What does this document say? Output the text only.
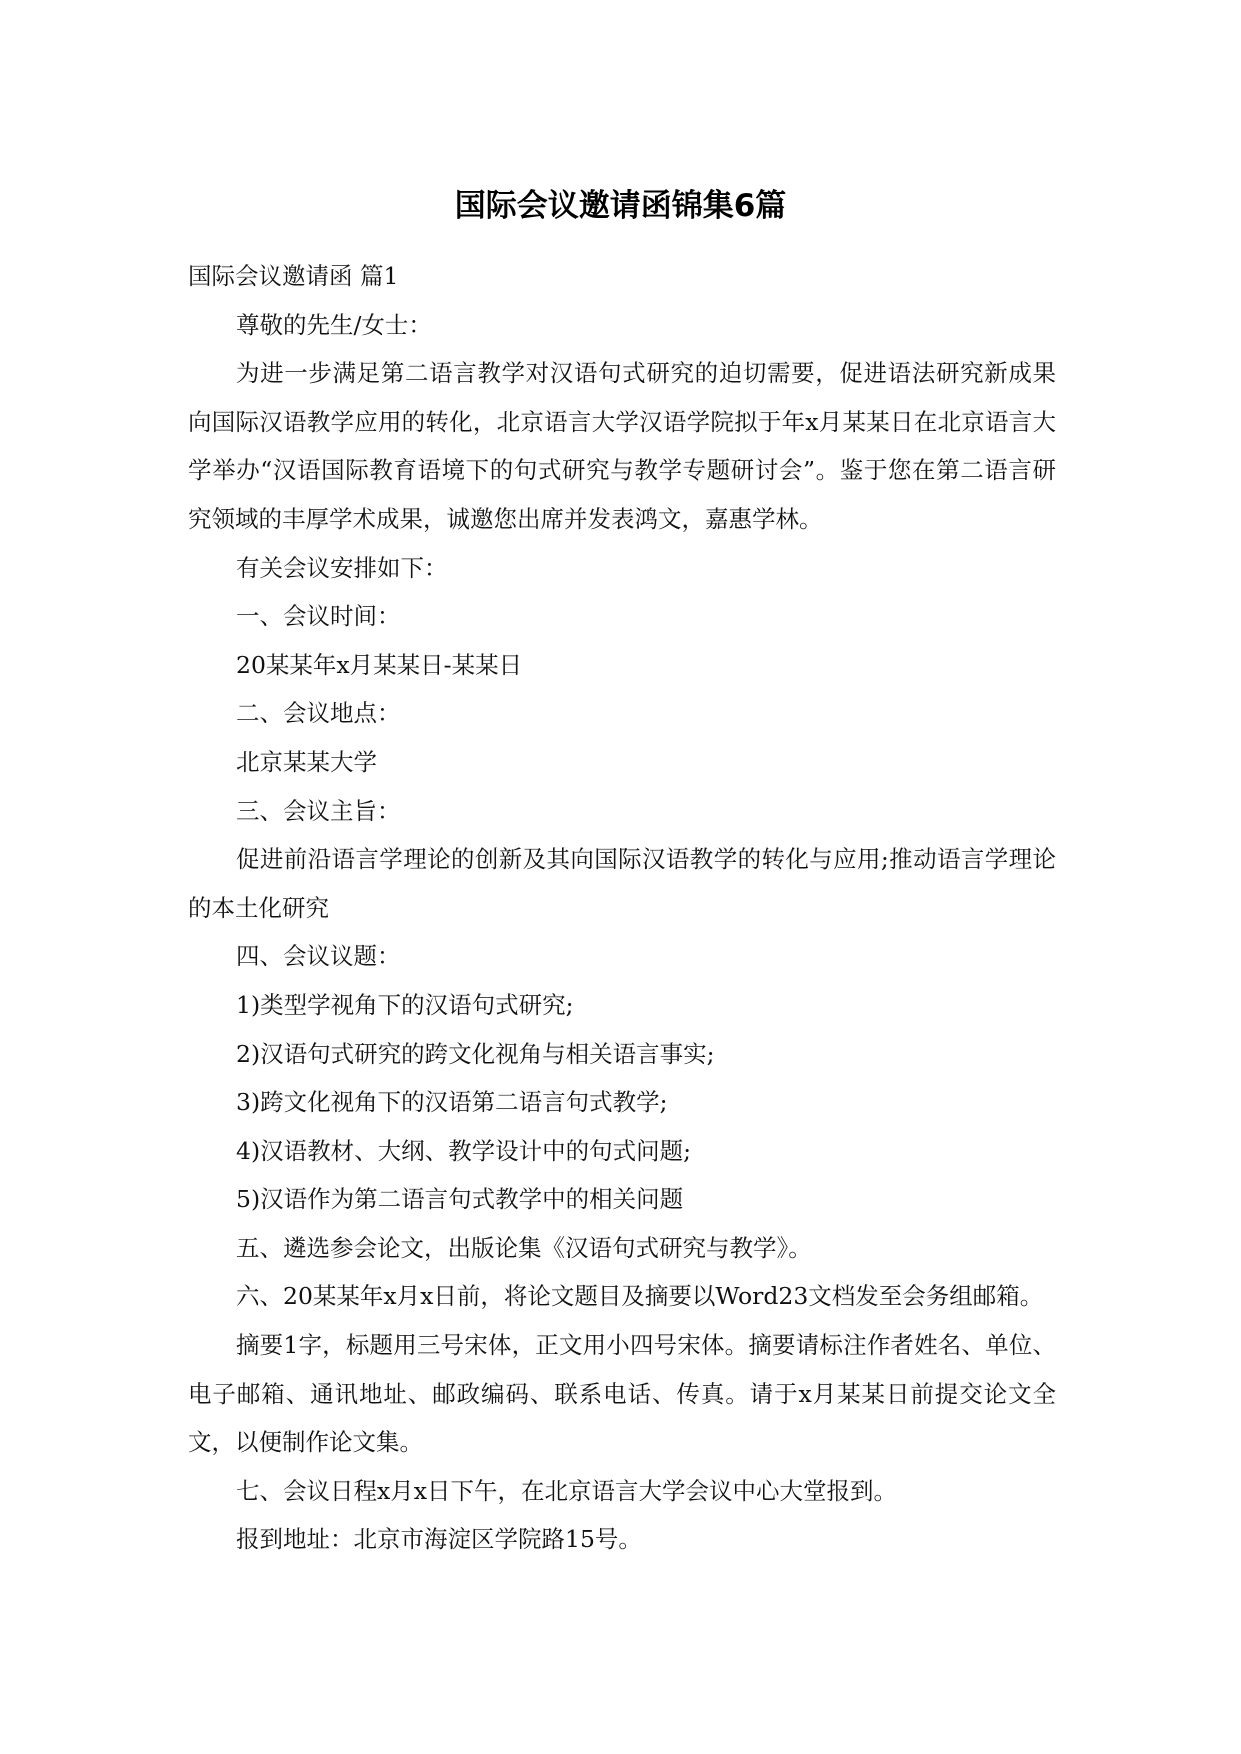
国际会议邀请函锦集6篇

国际会议邀请函 篇1

尊敬的先生/女士：

为进一步满足第二语言教学对汉语句式研究的迫切需要，促进语法研究新成果向国际汉语教学应用的转化，北京语言大学汉语学院拟于年x月某某日在北京语言大学举办“汉语国际教育语境下的句式研究与教学专题研讨会”。鉴于您在第二语言研究领域的丰厚学术成果，诚邀您出席并发表鸿文，嘉惠学林。

有关会议安排如下：

一、会议时间：

20某某年x月某某日-某某日

二、会议地点：

北京某某大学

三、会议主旨：

促进前沿语言学理论的创新及其向国际汉语教学的转化与应用;推动语言学理论的本土化研究

四、会议议题：

1)类型学视角下的汉语句式研究;

2)汉语句式研究的跨文化视角与相关语言事实;

3)跨文化视角下的汉语第二语言句式教学;

4)汉语教材、大纲、教学设计中的句式问题;

5)汉语作为第二语言句式教学中的相关问题

五、遴选参会论文，出版论集《汉语句式研究与教学》。

六、20某某年x月x日前，将论文题目及摘要以Word23文档发至会务组邮箱。

摘要1字，标题用三号宋体，正文用小四号宋体。摘要请标注作者姓名、单位、电子邮箱、通讯地址、邮政编码、联系电话、传真。请于x月某某日前提交论文全文，以便制作论文集。

七、会议日程x月x日下午，在北京语言大学会议中心大堂报到。

报到地址：北京市海淀区学院路15号。
